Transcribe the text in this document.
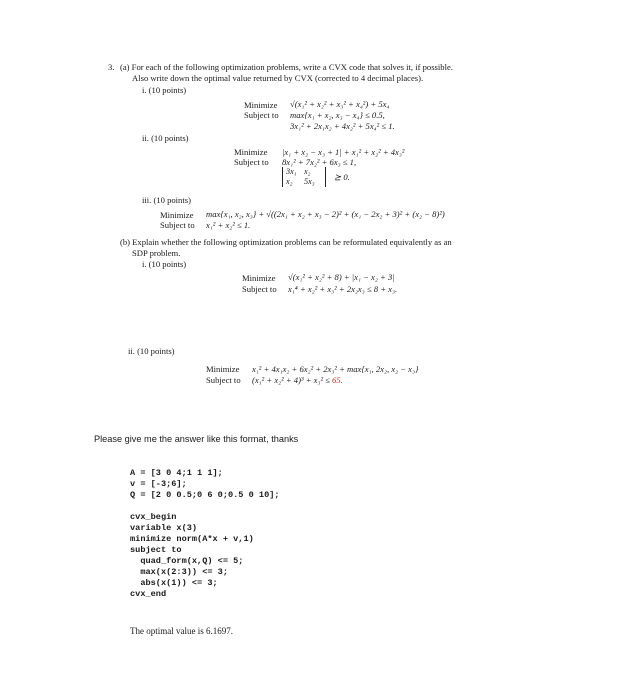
3. (a) For each of the following optimization problems, write a CVX code that solves it, if possible.
Also write down the optimal value returned by CVX (corrected to 4 decimal places).
i. (10 points)
Minimize √(x₁² + x₂² + x₃² + x₄²) + 5x₄
Subject to max{x₁ + x₂, x₃ − x₄} ≤ 0.5,
3x₁² + 2x₁x₂ + 4x₂² + 5x₄² ≤ 1.
ii. (10 points)
Minimize |x₁ + x₂ − x₃ + 1| + x₁² + x₂² + 4x₃²
Subject to 8x₁² + 7x₂² + 6x₃ ≤ 1,
3x₁ x₂
x₂ 5x₃	⪰ 0.
iii. (10 points)
Minimize max{x₁, x₂, x₃} + √((2x₁ + x₂ + x₃ − 2)² + (x₁ − 2x₂ + 3)² + (x₂ − 8)²)
Subject to x₁² + x₂² ≤ 1.
(b) Explain whether the following optimization problems can be reformulated equivalently as an
SDP problem.
i. (10 points)
Minimize √(x₁² + x₂² + 8) + |x₁ − x₂ + 3|
Subject to x₁⁴ + x₂² + x₃² + 2x₂x₃ ≤ 8 + x₃.
ii. (10 points)
Minimize x₁² + 4x₁x₂ + 6x₂² + 2x₃² + max{x₁, 2x₂, x₂ − x₃}
Subject to (x₁² + x₂² + 4)³ + x₃² ≤ 65.
Please give me the answer like this format, thanks
A = [3 0 4;1 1 1];
v = [-3;6];
Q = [2 0 0.5;0 6 0;0.5 0 10];
cvx_begin
variable x(3)
minimize norm(A*x + v,1)
subject to
quad_form(x,Q) <= 5;
max(x(2:3)) <= 3;
abs(x(1)) <= 3;
cvx_end
The optimal value is 6.1697.
